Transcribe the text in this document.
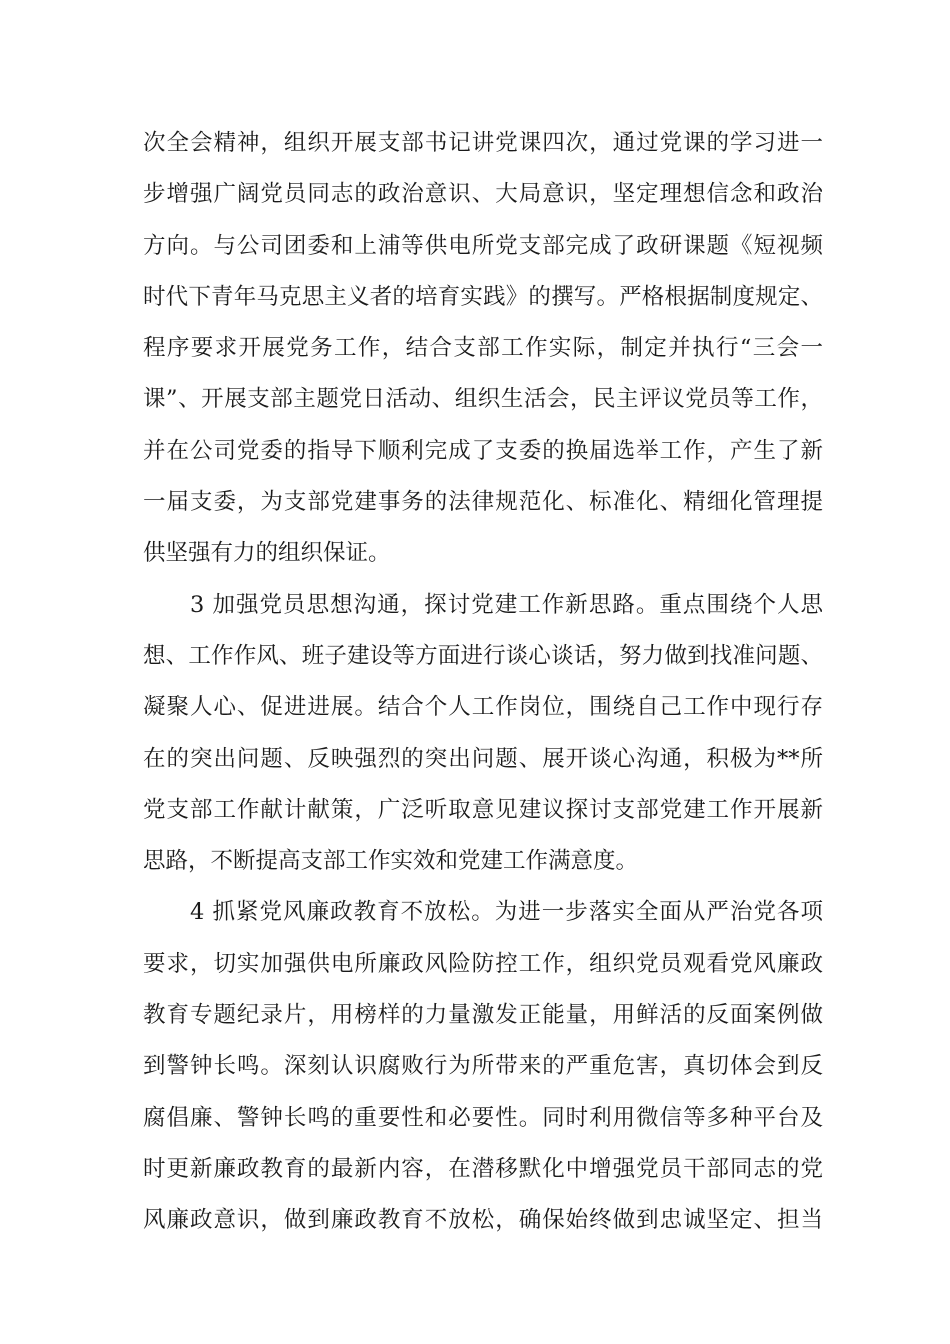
次全会精神，组织开展支部书记讲党课四次，通过党课的学习进一
步增强广阔党员同志的政治意识、大局意识，坚定理想信念和政治
方向。与公司团委和上浦等供电所党支部完成了政研课题《短视频
时代下青年马克思主义者的培育实践》的撰写。严格根据制度规定、
程序要求开展党务工作，结合支部工作实际，制定并执行“三会一
课”、开展支部主题党日活动、组织生活会，民主评议党员等工作，
并在公司党委的指导下顺利完成了支委的换届选举工作，产生了新
一届支委，为支部党建事务的法律规范化、标准化、精细化管理提
供坚强有力的组织保证。
3 加强党员思想沟通，探讨党建工作新思路。重点围绕个人思
想、工作作风、班子建设等方面进行谈心谈话，努力做到找准问题、
凝聚人心、促进进展。结合个人工作岗位，围绕自己工作中现行存
在的突出问题、反映强烈的突出问题、展开谈心沟通，积极为**所
党支部工作献计献策，广泛听取意见建议探讨支部党建工作开展新
思路，不断提高支部工作实效和党建工作满意度。
4 抓紧党风廉政教育不放松。为进一步落实全面从严治党各项
要求，切实加强供电所廉政风险防控工作，组织党员观看党风廉政
教育专题纪录片，用榜样的力量激发正能量，用鲜活的反面案例做
到警钟长鸣。深刻认识腐败行为所带来的严重危害，真切体会到反
腐倡廉、警钟长鸣的重要性和必要性。同时利用微信等多种平台及
时更新廉政教育的最新内容，在潜移默化中增强党员干部同志的党
风廉政意识，做到廉政教育不放松，确保始终做到忠诚坚定、担当
